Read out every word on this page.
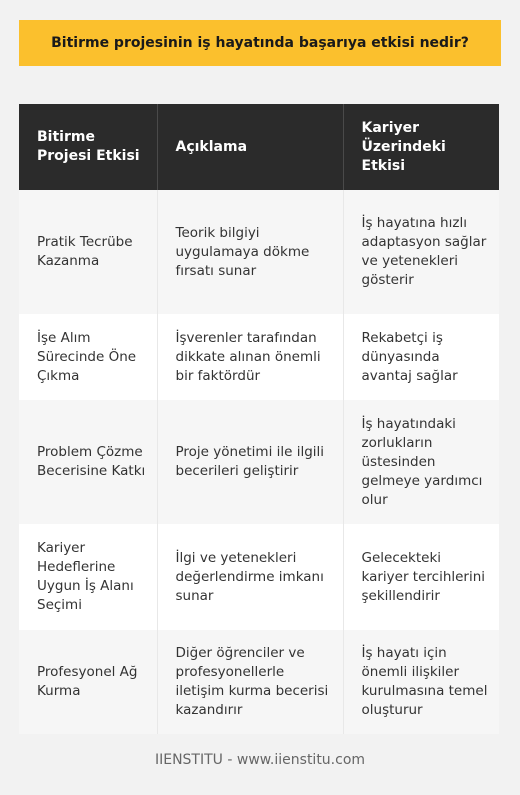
Bitirme projesinin iş hayatında başarıya etkisi nedir?
Bitirme Projesi Etkisi	Açıklama	Kariyer Üzerindeki Etkisi
Pratik Tecrübe Kazanma	Teorik bilgiyi uygulamaya dökme fırsatı sunar	İş hayatına hızlı adaptasyon sağlar ve yetenekleri gösterir
İşe Alım Sürecinde Öne Çıkma	İşverenler tarafından dikkate alınan önemli bir faktördür	Rekabetçi iş dünyasında avantaj sağlar
Problem Çözme Becerisine Katkı	Proje yönetimi ile ilgili becerileri geliştirir	İş hayatındaki zorlukların üstesinden gelmeye yardımcı olur
Kariyer Hedeflerine Uygun İş Alanı Seçimi	İlgi ve yetenekleri değerlendirme imkanı sunar	Gelecekteki kariyer tercihlerini şekillendirir
Profesyonel Ağ Kurma	Diğer öğrenciler ve profesyonellerle iletişim kurma becerisi kazandırır	İş hayatı için önemli ilişkiler kurulmasına temel oluşturur
IIENSTITU - www.iienstitu.com
